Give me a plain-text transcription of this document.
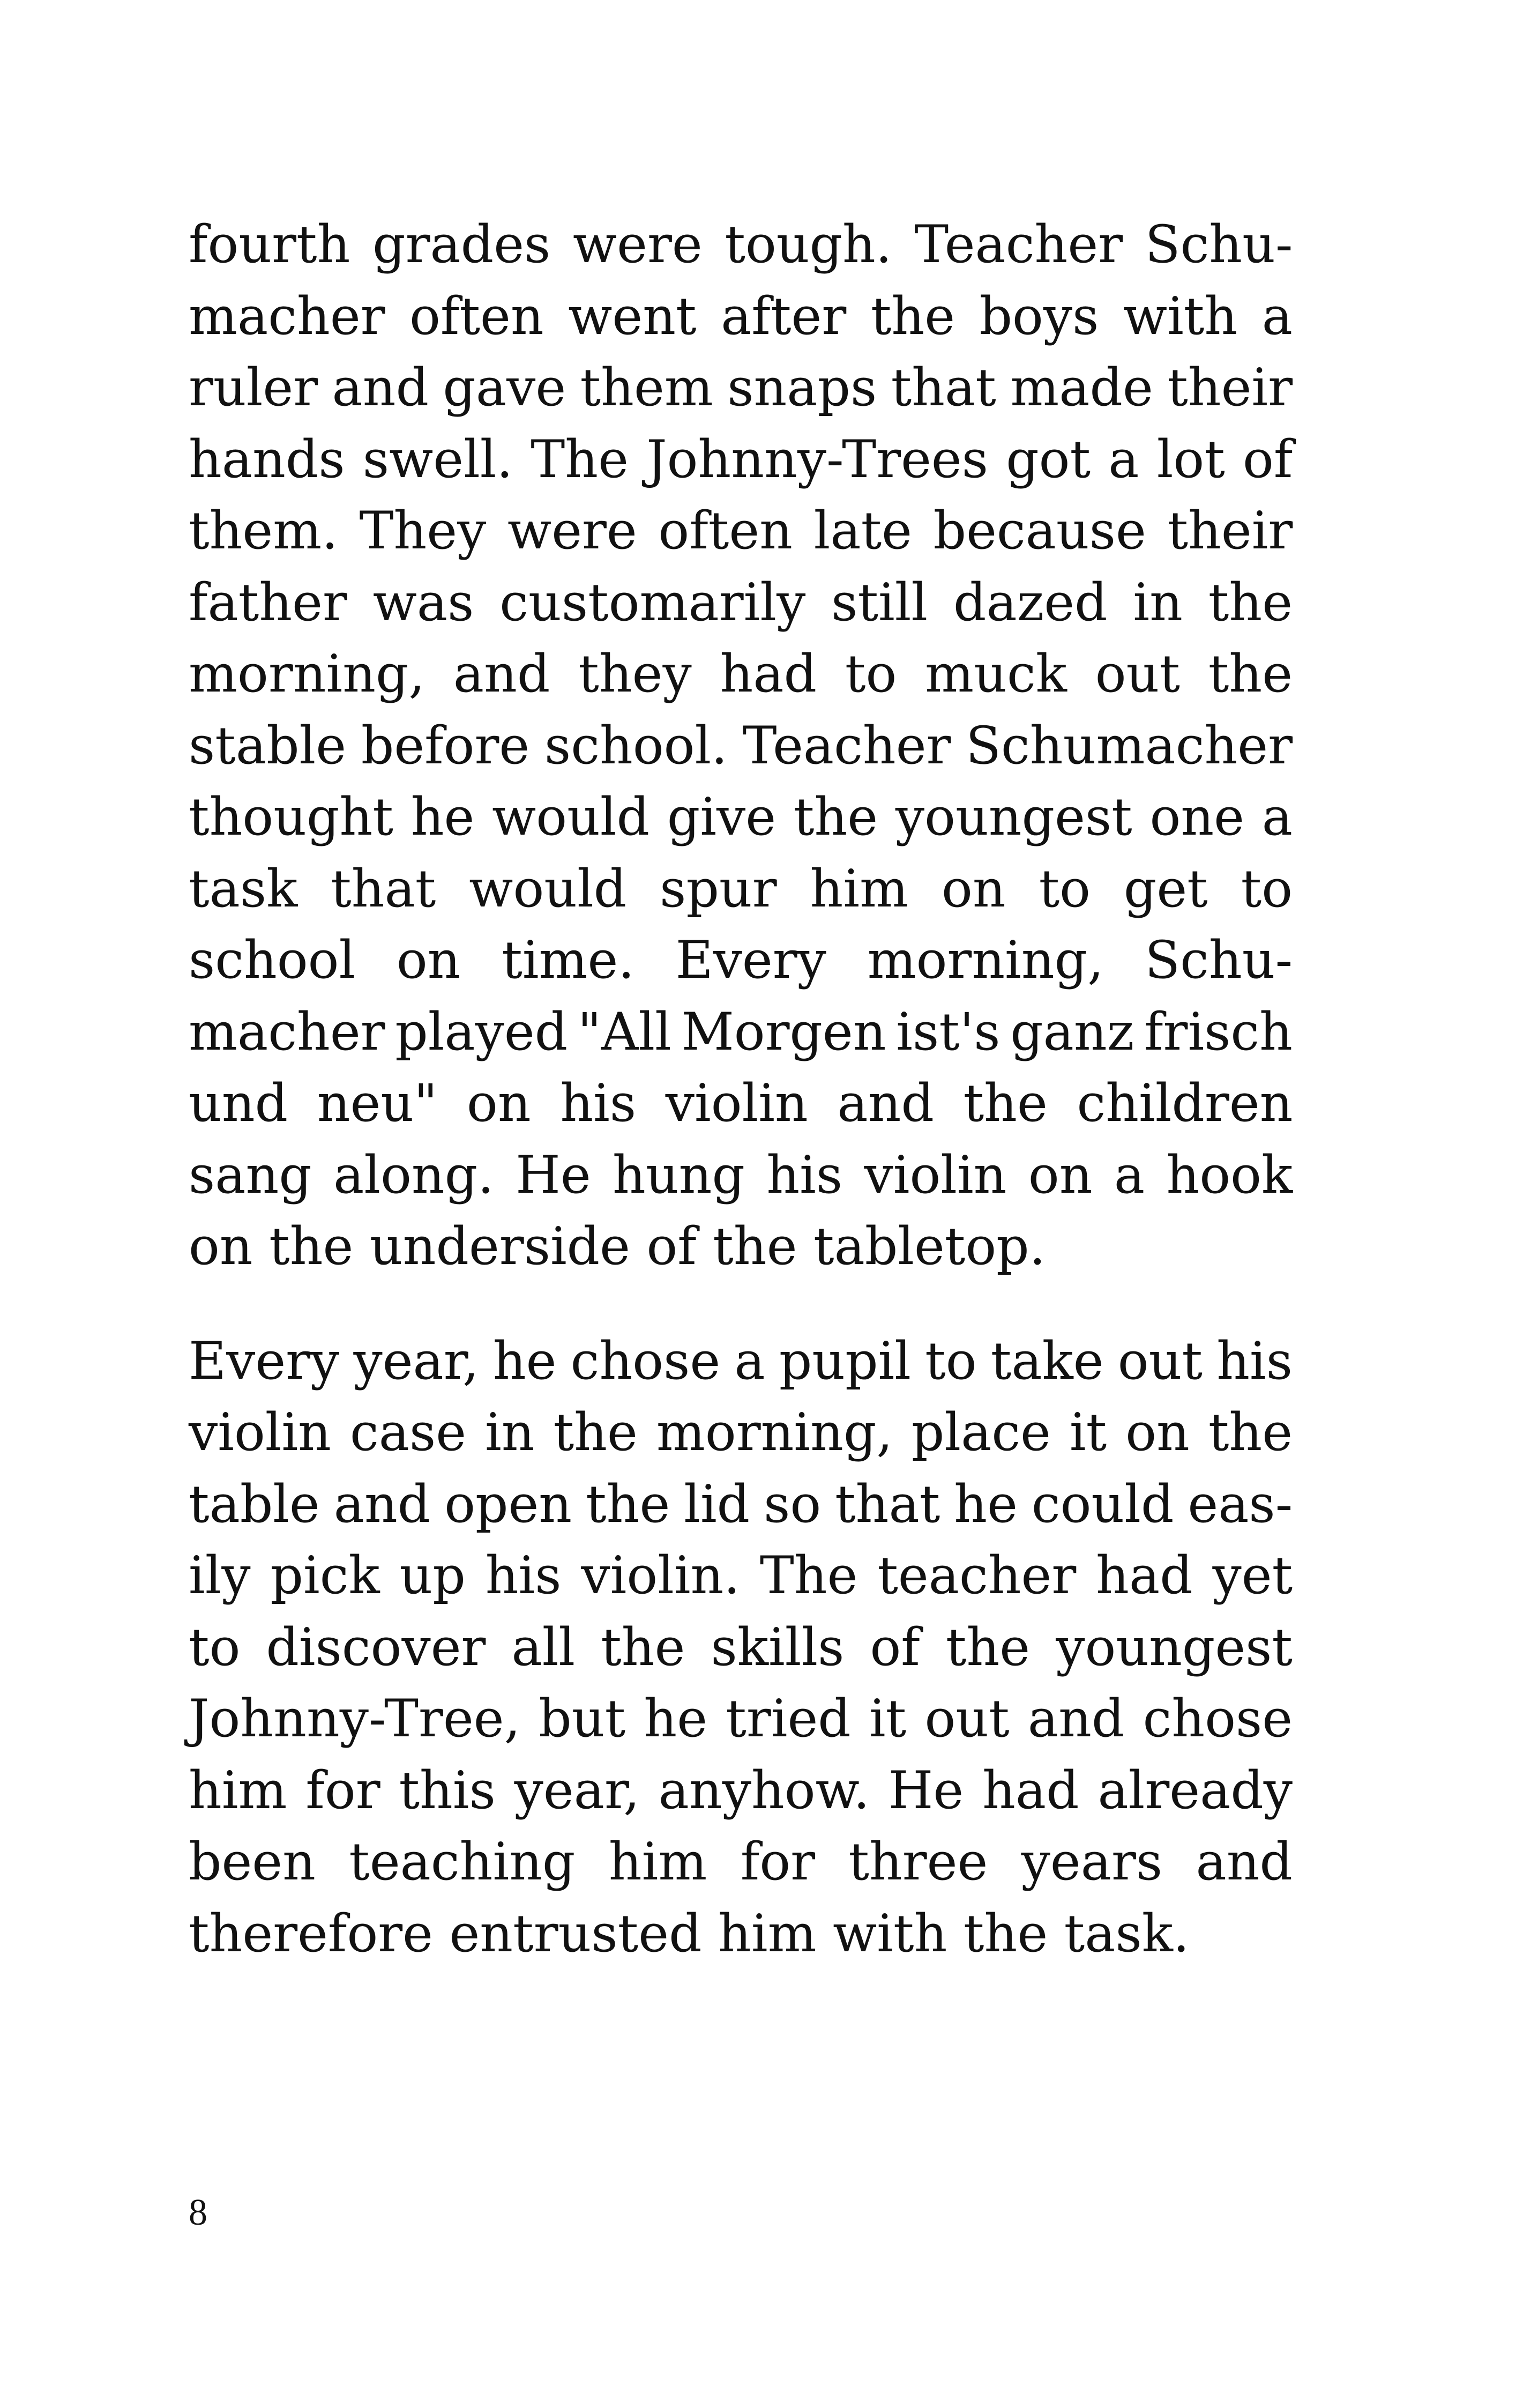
fourth grades were tough. Teacher Schu-
macher often went after the boys with a
ruler and gave them snaps that made their
hands swell. The Johnny-Trees got a lot of
them. They were often late because their
father was customarily still dazed in the
morning, and they had to muck out the
stable before school. Teacher Schumacher
thought he would give the youngest one a
task that would spur him on to get to
school on time. Every morning, Schu-
macher played "All Morgen ist's ganz frisch
und neu" on his violin and the children
sang along. He hung his violin on a hook
on the underside of the tabletop.

Every year, he chose a pupil to take out his
violin case in the morning, place it on the
table and open the lid so that he could eas-
ily pick up his violin. The teacher had yet
to discover all the skills of the youngest
Johnny-Tree, but he tried it out and chose
him for this year, anyhow. He had already
been teaching him for three years and
therefore entrusted him with the task.

8
